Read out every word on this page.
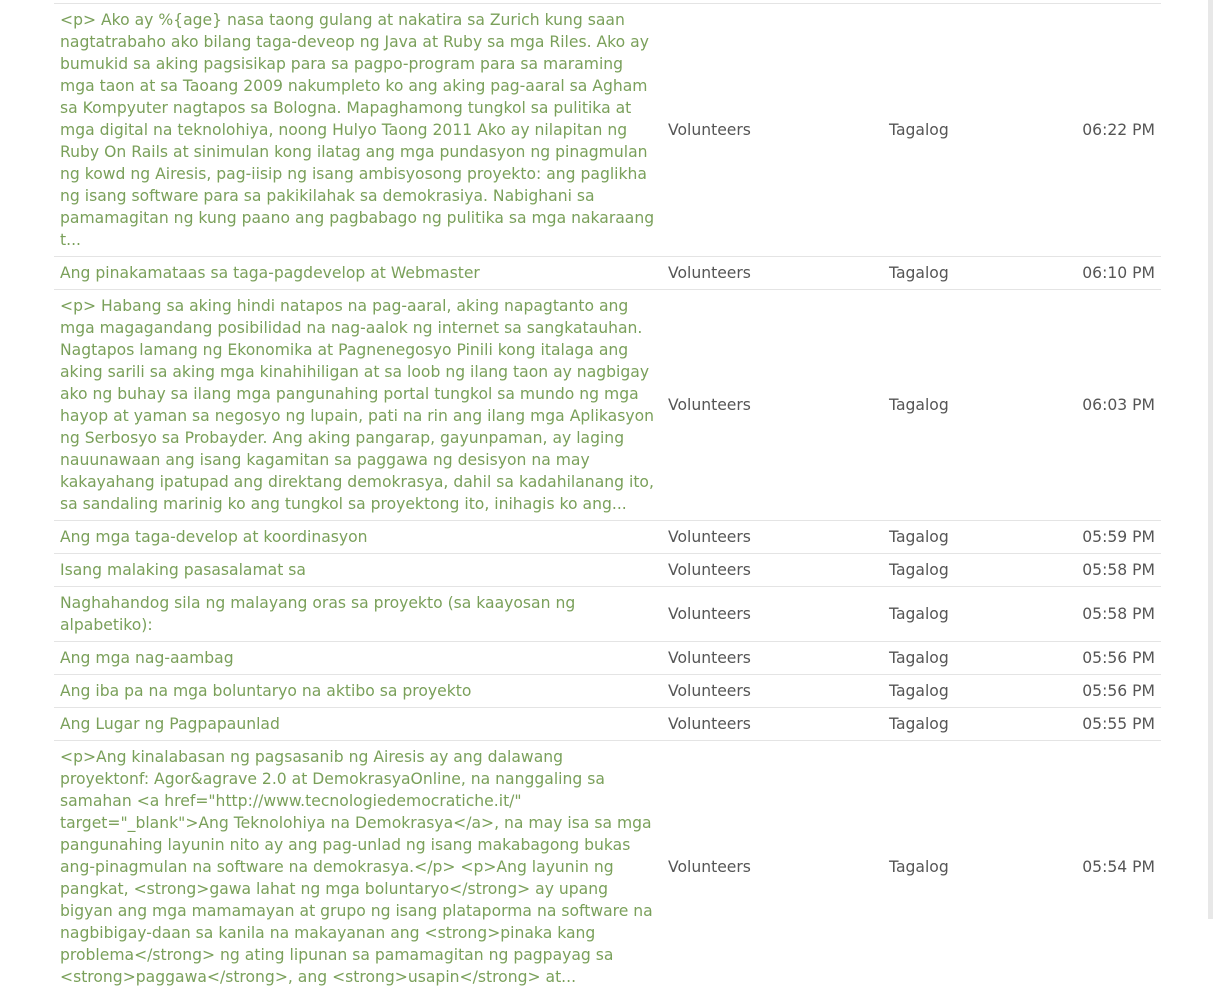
<p> Ako ay %{age} nasa taong gulang at nakatira sa Zurich kung saan nagtatrabaho ako bilang taga-deveop ng Java at Ruby sa mga Riles. Ako ay bumukid sa aking pagsisikap para sa pagpo-program para sa maraming mga taon at sa Taoang 2009 nakumpleto ko ang aking pag-aaral sa Agham sa Kompyuter nagtapos sa Bologna. Mapaghamong tungkol sa pulitika at mga digital na teknolohiya, noong Hulyo Taong 2011 Ako ay nilapitan ng Ruby On Rails at sinimulan kong ilatag ang mga pundasyon ng pinagmulan ng kowd ng Airesis, pag-iisip ng isang ambisyosong proyekto: ang paglikha ng isang software para sa pakikilahak sa demokrasiya. Nabighani sa pamamagitan ng kung paano ang pagbabago ng pulitika sa mga nakaraang t...	Volunteers	Tagalog	06:22 PM
Ang pinakamataas sa taga-pagdevelop at Webmaster	Volunteers	Tagalog	06:10 PM
<p> Habang sa aking hindi natapos na pag-aaral, aking napagtanto ang mga magagandang posibilidad na nag-aalok ng internet sa sangkatauhan. Nagtapos lamang ng Ekonomika at Pagnenegosyo Pinili kong italaga ang aking sarili sa aking mga kinahihiligan at sa loob ng ilang taon ay nagbigay ako ng buhay sa ilang mga pangunahing portal tungkol sa mundo ng mga hayop at yaman sa negosyo ng lupain, pati na rin ang ilang mga Aplikasyon ng Serbosyo sa Probayder. Ang aking pangarap, gayunpaman, ay laging nauunawaan ang isang kagamitan sa paggawa ng desisyon na may kakayahang ipatupad ang direktang demokrasya, dahil sa kadahilanang ito, sa sandaling marinig ko ang tungkol sa proyektong ito, inihagis ko ang...	Volunteers	Tagalog	06:03 PM
Ang mga taga-develop at koordinasyon	Volunteers	Tagalog	05:59 PM
Isang malaking pasasalamat sa	Volunteers	Tagalog	05:58 PM
Naghahandog sila ng malayang oras sa proyekto (sa kaayosan ng alpabetiko):	Volunteers	Tagalog	05:58 PM
Ang mga nag-aambag	Volunteers	Tagalog	05:56 PM
Ang iba pa na mga boluntaryo na aktibo sa proyekto	Volunteers	Tagalog	05:56 PM
Ang Lugar ng Pagpapaunlad	Volunteers	Tagalog	05:55 PM
<p>Ang kinalabasan ng pagsasanib ng Airesis ay ang dalawang proyektonf: Agor&agrave 2.0 at DemokrasyaOnline, na nanggaling sa samahan <a href="http://www.tecnologiedemocratiche.it/" target="_blank">Ang Teknolohiya na Demokrasya</a>, na may isa sa mga pangunahing layunin nito ay ang pag-unlad ng isang makabagong bukas ang-pinagmulan na software na demokrasya.</p> <p>Ang layunin ng pangkat, <strong>gawa lahat ng mga boluntaryo</strong> ay upang bigyan ang mga mamamayan at grupo ng isang plataporma na software na nagbibigay-daan sa kanila na makayanan ang <strong>pinaka kang problema</strong> ng ating lipunan sa pamamagitan ng pagpayag sa <strong>paggawa</strong>, ang <strong>usapin</strong> at...	Volunteers	Tagalog	05:54 PM
